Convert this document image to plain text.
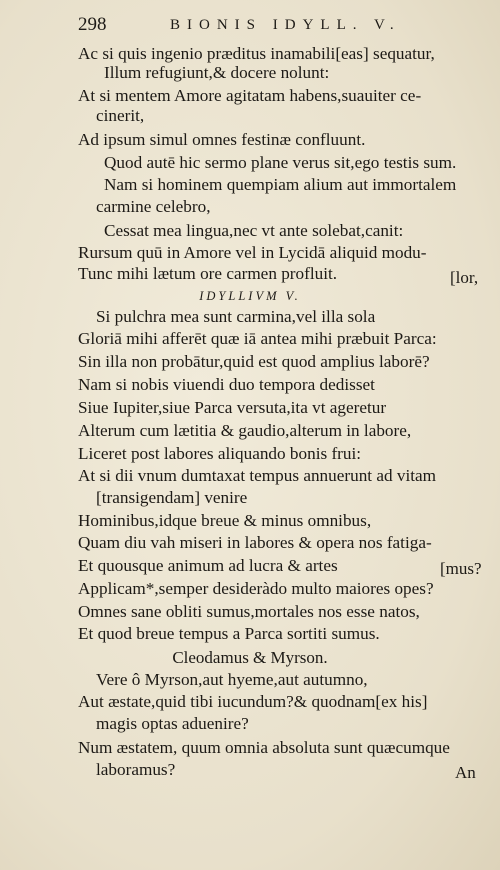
298	BIONIS IDYLL. V.
Ac si quis ingenio præditus inamabili[eas] sequatur,
Illum refugiunt,& docere nolunt:
At si mentem Amore agitatam habens,suauiter ce-
cinerit,
Ad ipsum simul omnes festinæ confluunt.
Quod autē hic sermo plane verus sit,ego testis sum.
Nam si hominem quempiam alium aut immortalem
carmine celebro,
Cessat mea lingua,nec vt ante solebat,canit:
Rursum quū in Amore vel in Lycidā aliquid modu-
Tunc mihi lætum ore carmen profluit.	[lor,
IDYLLIVM V.
Si pulchra mea sunt carmina,vel illa sola
Gloriā mihi afferēt quæ iā antea mihi præbuit Parca:
Sin illa non probātur,quid est quod amplius laborē?
Nam si nobis viuendi duo tempora dedisset
Siue Iupiter,siue Parca versuta,ita vt ageretur
Alterum cum lætitia & gaudio,alterum in labore,
Liceret post labores aliquando bonis frui:
At si dii vnum dumtaxat tempus annuerunt ad vitam
[transigendam] venire
Hominibus,idque breue & minus omnibus,
Quam diu vah miseri in labores & opera nos fatiga-
Et quousque animum ad lucra & artes	[mus?
Applicam*,semper desideràdo multo maiores opes?
Omnes sane obliti sumus,mortales nos esse natos,
Et quod breue tempus a Parca sortiti sumus.
Cleodamus & Myrson.
Vere ô Myrson,aut hyeme,aut autumno,
Aut æstate,quid tibi iucundum?& quodnam[ex his]
magis optas aduenire?
Num æstatem, quum omnia absoluta sunt quæcumque
laboramus?	An
